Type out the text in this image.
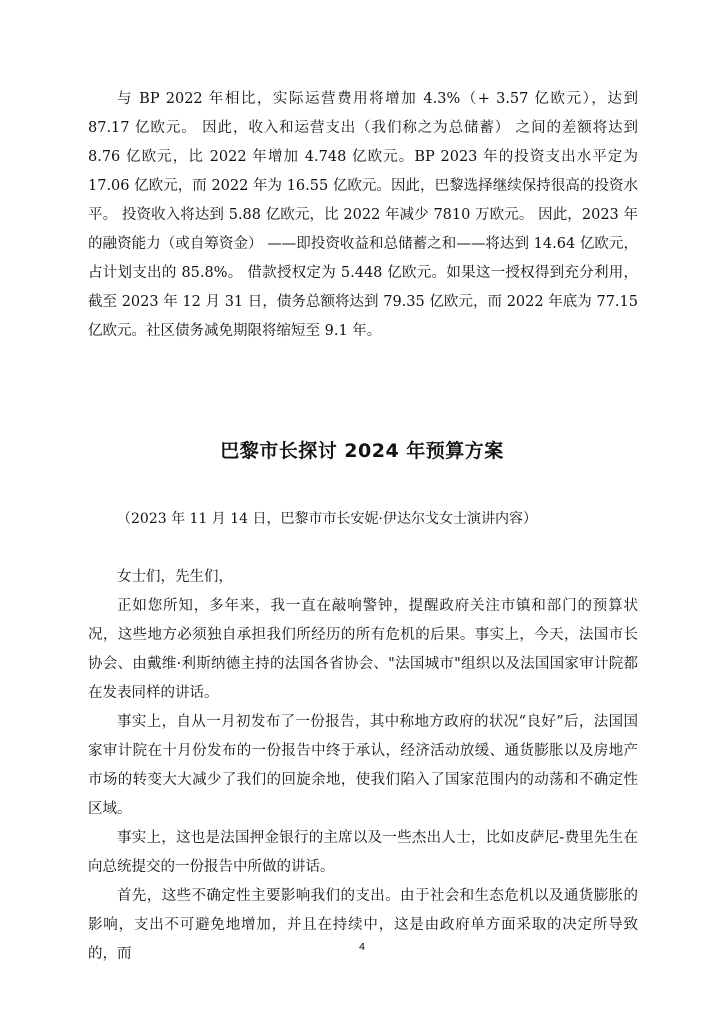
与 BP 2022 年相比，实际运营费用将增加 4.3%（+ 3.57 亿欧元），达到 87.17 亿欧元。 因此，收入和运营支出（我们称之为总储蓄） 之间的差额将达到 8.76 亿欧元，比 2022 年增加 4.748 亿欧元。BP 2023 年的投资支出水平定为 17.06 亿欧元，而 2022 年为 16.55 亿欧元。因此，巴黎选择继续保持很高的投资水平。 投资收入将达到 5.88 亿欧元，比 2022 年减少 7810 万欧元。 因此，2023 年的融资能力（或自筹资金） ——即投资收益和总储蓄之和——将达到 14.64 亿欧元，占计划支出的 85.8%。 借款授权定为 5.448 亿欧元。如果这一授权得到充分利用，截至 2023 年 12 月 31 日，债务总额将达到 79.35 亿欧元，而 2022 年底为 77.15 亿欧元。社区债务减免期限将缩短至 9.1 年。

巴黎市长探讨 2024 年预算方案

（2023 年 11 月 14 日，巴黎市市长安妮·伊达尔戈女士演讲内容）

女士们，先生们，

正如您所知，多年来，我一直在敲响警钟，提醒政府关注市镇和部门的预算状况，这些地方必须独自承担我们所经历的所有危机的后果。事实上，今天，法国市长协会、由戴维·利斯纳德主持的法国各省协会、"法国城市"组织以及法国国家审计院都在发表同样的讲话。

事实上，自从一月初发布了一份报告，其中称地方政府的状况“良好”后，法国国家审计院在十月份发布的一份报告中终于承认，经济活动放缓、通货膨胀以及房地产市场的转变大大减少了我们的回旋余地，使我们陷入了国家范围内的动荡和不确定性区域。

事实上，这也是法国押金银行的主席以及一些杰出人士，比如皮萨尼-费里先生在向总统提交的一份报告中所做的讲话。

首先，这些不确定性主要影响我们的支出。由于社会和生态危机以及通货膨胀的影响，支出不可避免地增加，并且在持续中，这是由政府单方面采取的决定所导致的，而	4
